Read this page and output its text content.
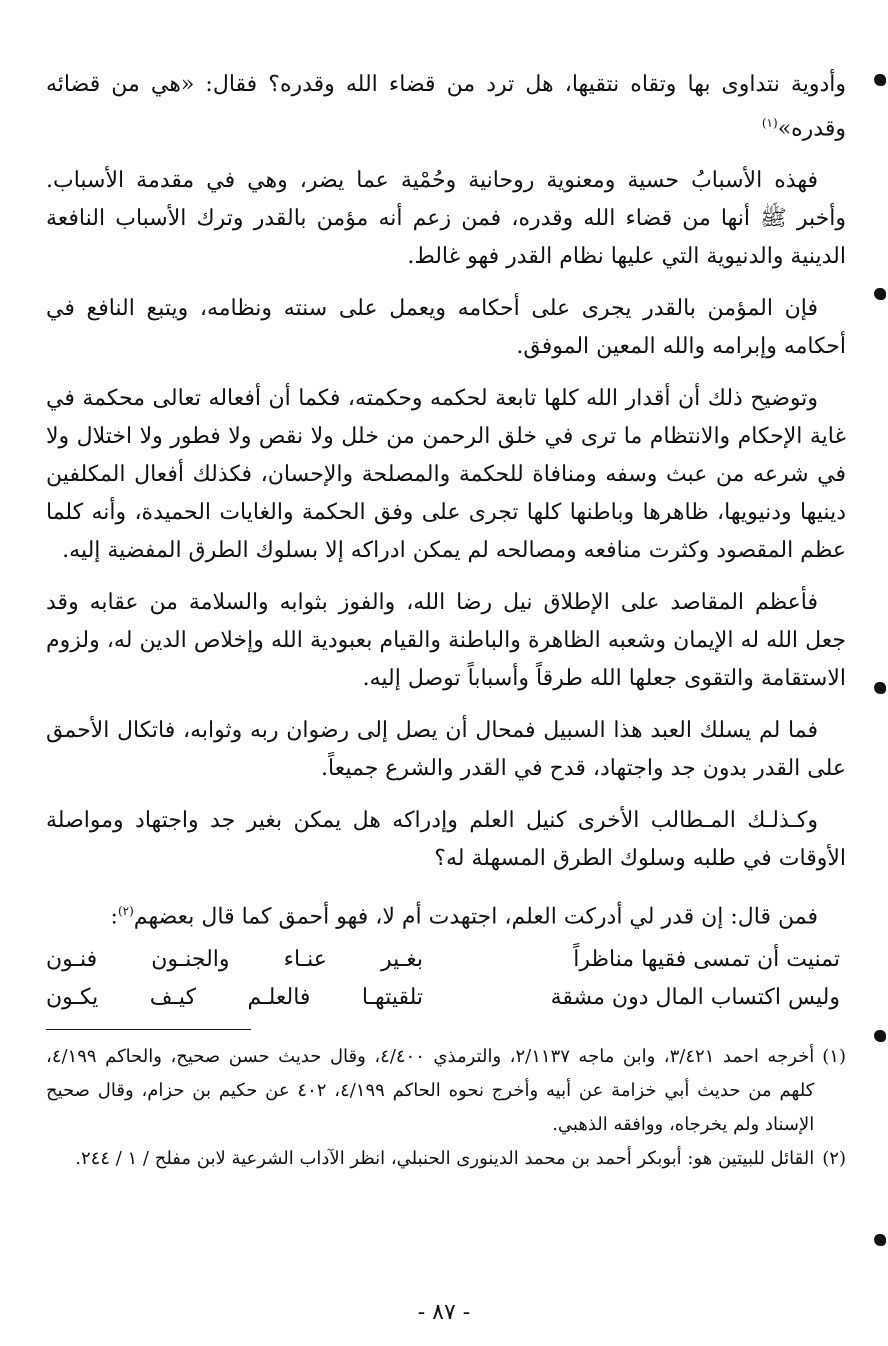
وأدوية نتداوى بها وتقاه نتقيها، هل ترد من قضاء الله وقدره؟ فقال: «هي من قضائه وقدره»$^{(١)}$

فهذه الأسبابُ حسية ومعنوية روحانية وحُمْية عما يضر، وهي في مقدمة الأسباب. وأخبر ﷺ أنها من قضاء الله وقدره، فمن زعم أنه مؤمن بالقدر وترك الأسباب النافعة الدينية والدنيوية التي عليها نظام القدر فهو غالط.

فإن المؤمن بالقدر يجرى على أحكامه ويعمل على سنته ونظامه، ويتبع النافع في أحكامه وإبرامه والله المعين الموفق.

وتوضيح ذلك أن أقدار الله كلها تابعة لحكمه وحكمته، فكما أن أفعاله تعالى محكمة في غاية الإحكام والانتظام ما ترى في خلق الرحمن من خلل ولا نقص ولا فطور ولا اختلال ولا في شرعه من عبث وسفه ومنافاة للحكمة والمصلحة والإحسان، فكذلك أفعال المكلفين دينيها ودنيويها، ظاهرها وباطنها كلها تجرى على وفق الحكمة والغايات الحميدة، وأنه كلما عظم المقصود وكثرت منافعه ومصالحه لم يمكن ادراكه إلا بسلوك الطرق المفضية إليه.

فأعظم المقاصد على الإطلاق نيل رضا الله، والفوز بثوابه والسلامة من عقابه وقد جعل الله له الإيمان وشعبه الظاهرة والباطنة والقيام بعبودية الله وإخلاص الدين له، ولزوم الاستقامة والتقوى جعلها الله طرقاً وأسباباً توصل إليه.

فما لم يسلك العبد هذا السبيل فمحال أن يصل إلى رضوان ربه وثوابه، فاتكال الأحمق على القدر بدون جد واجتهاد، قدح في القدر والشرع جميعاً.

وكـذلـك المـطالب الأخرى كنيل العلم وإدراكه هل يمكن بغير جد واجتهاد ومواصلة الأوقات في طلبه وسلوك الطرق المسهلة له؟

فمن قال: إن قدر لي أدركت العلم، اجتهدت أم لا، فهو أحمق كما قال بعضهم$^{(٢)}$:

تمنيت أن تمسى فقيها مناظراً
بغـير عنـاء والجنـون فنـون
وليس اكتساب المال دون مشقة
تلقيتهـا فالعلـم كيـف يكـون
(١)
أخرجه احمد ٣/٤٢١، وابن ماجه ٢/١١٣٧، والترمذي ٤/٤٠٠، وقال حديث حسن صحيح، والحاكم ٤/١٩٩، كلهم من حديث أبي خزامة عن أبيه وأخرج نحوه الحاكم ٤/١٩٩، ٤٠٢ عن حكيم بن حزام، وقال صحيح الإسناد ولم يخرجاه، ووافقه الذهبي.
(٢)
القائل للبيتين هو: أبوبكر أحمد بن محمد الدينورى الحنبلي، انظر الآداب الشرعية لابن مفلح / ١ / ٢٤٤.
- ٨٧ -
